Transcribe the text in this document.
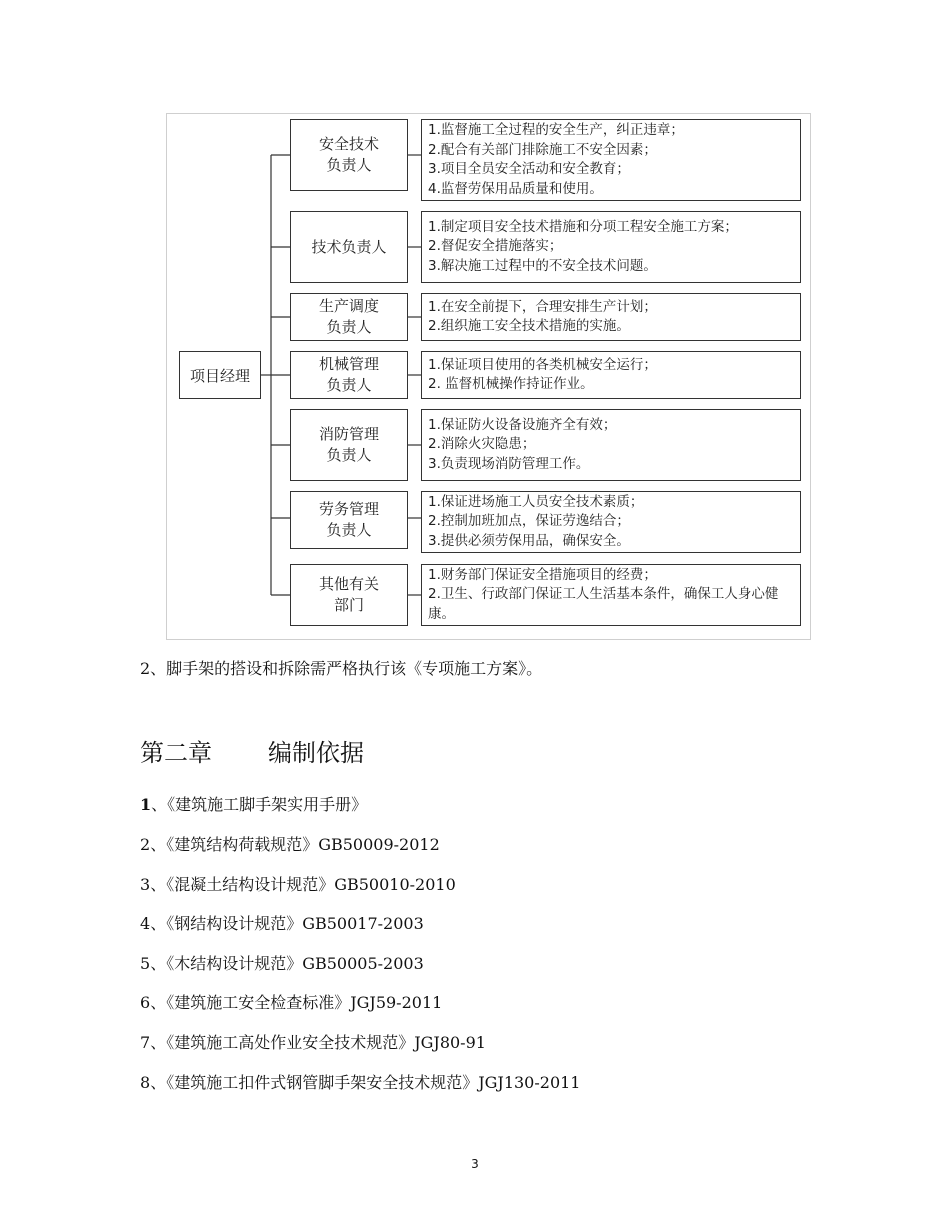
项目经理
安全技术
负责人
1.监督施工全过程的安全生产，纠正违章；
2.配合有关部门排除施工不安全因素；
3.项目全员安全活动和安全教育；
4.监督劳保用品质量和使用。
技术负责人
1.制定项目安全技术措施和分项工程安全施工方案；
2.督促安全措施落实；
3.解决施工过程中的不安全技术问题。
生产调度
负责人
1.在安全前提下，合理安排生产计划；
2.组织施工安全技术措施的实施。
机械管理
负责人
1.保证项目使用的各类机械安全运行；
2. 监督机械操作持证作业。
消防管理
负责人
1.保证防火设备设施齐全有效；
2.消除火灾隐患；
3.负责现场消防管理工作。
劳务管理
负责人
1.保证进场施工人员安全技术素质；
2.控制加班加点，保证劳逸结合；
3.提供必须劳保用品，确保安全。
其他有关
部门
1.财务部门保证安全措施项目的经费；
2.卫生、行政部门保证工人生活基本条件，确保工人身心健康。
2、脚手架的搭设和拆除需严格执行该《专项施工方案》。
第二章 编制依据
1、《建筑施工脚手架实用手册》
2、《建筑结构荷载规范》GB50009-2012
3、《混凝土结构设计规范》GB50010-2010
4、《钢结构设计规范》GB50017-2003
5、《木结构设计规范》GB50005-2003
6、《建筑施工安全检查标准》JGJ59-2011
7、《建筑施工高处作业安全技术规范》JGJ80-91
8、《建筑施工扣件式钢管脚手架安全技术规范》JGJ130-2011
3
